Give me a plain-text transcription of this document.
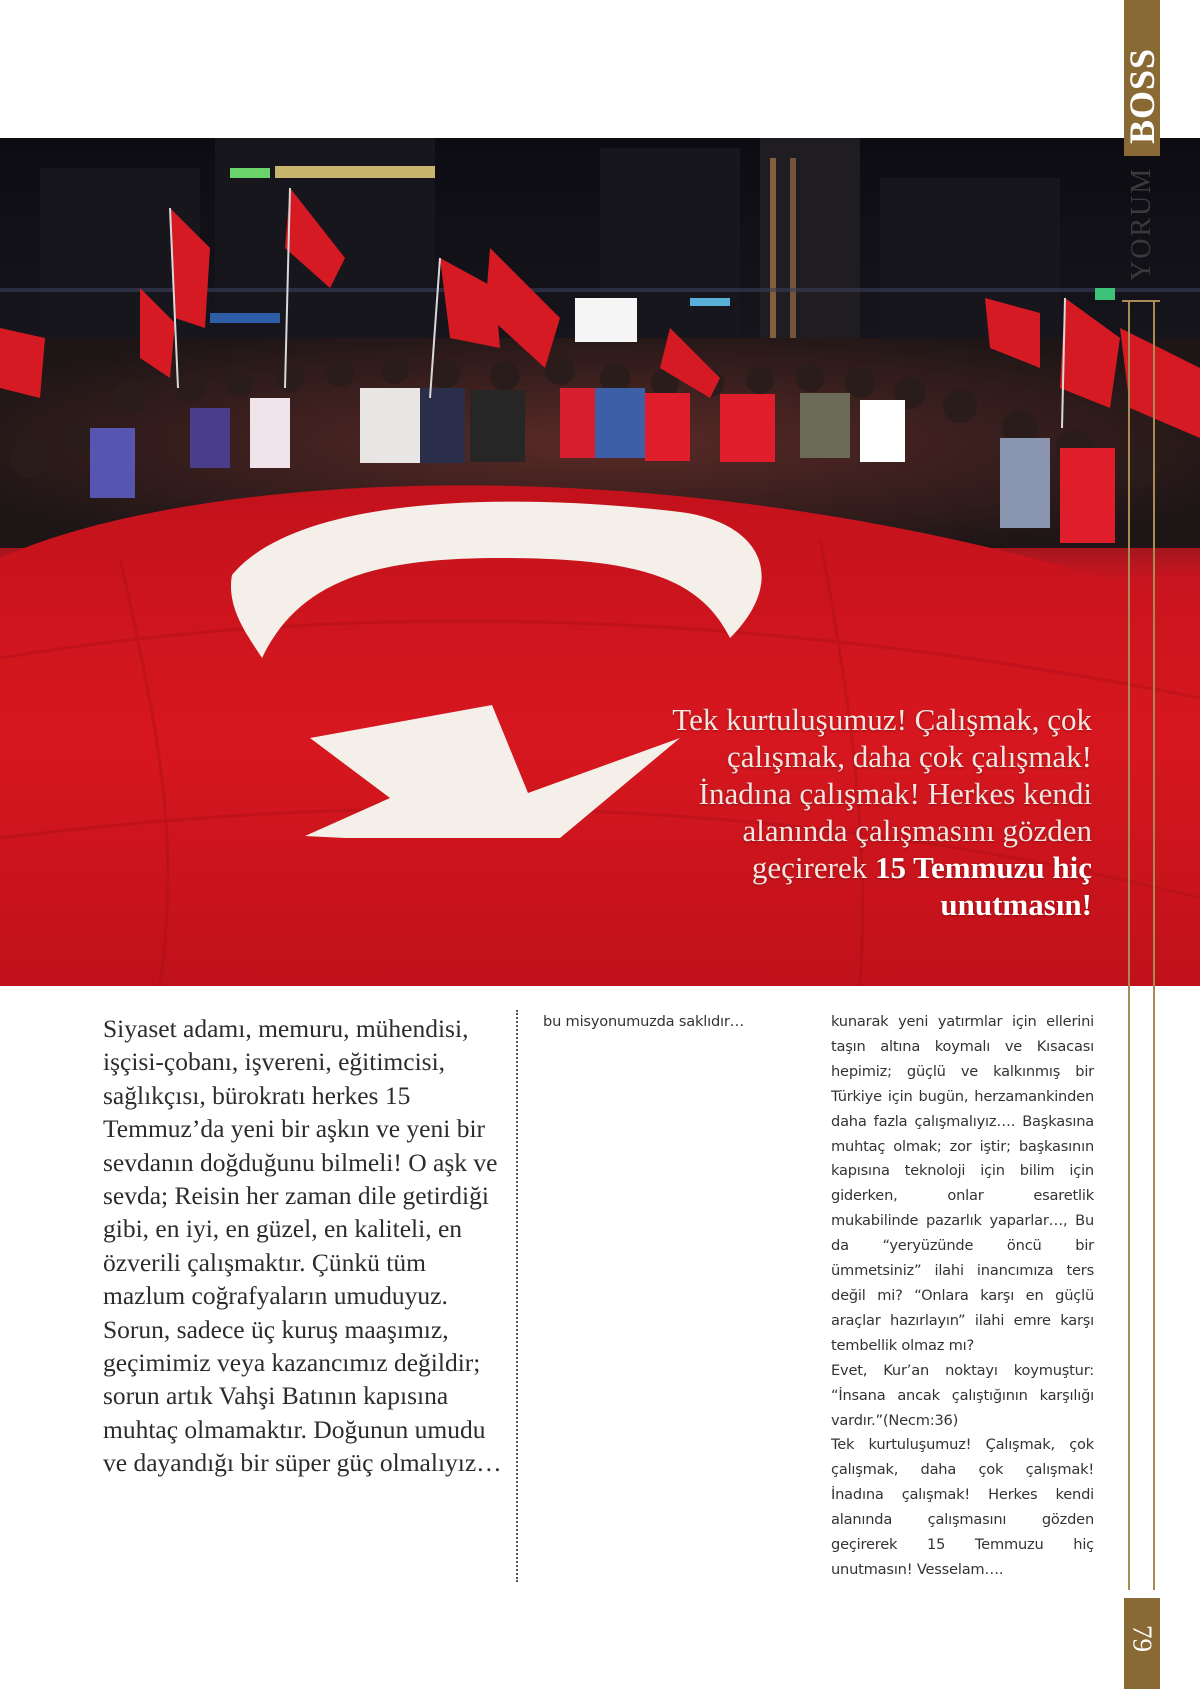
Tek kurtuluşumuz! Çalışmak, çok çalışmak, daha çok çalışmak! İnadına çalışmak! Herkes kendi alanında çalışmasını gözden geçirerek 15 Temmuzu hiç unutmasın!
BOSS
YORUM
79

Siyaset adamı, memuru, mühendisi, işçisi-çobanı, işvereni, eğitimcisi, sağlıkçısı, bürokratı herkes 15 Temmuz’da yeni bir aşkın ve yeni bir sevdanın doğduğunu bilmeli! O aşk ve sevda; Reisin her zaman dile getirdiği gibi, en iyi, en güzel, en kaliteli, en özverili çalışmaktır. Çünkü tüm mazlum coğrafyaların umuduyuz. Sorun, sadece üç kuruş maaşımız, geçimimiz veya kazancımız değildir; sorun artık Vahşi Batının kapısına muhtaç olmamaktır. Doğunun umudu ve dayandığı bir süper güç olmalıyız…

bu misyonumuzda saklıdır…	kunarak yeni yatırmlar için ellerini taşın altına koymalı ve Kısacası hepimiz; güçlü ve kalkınmış bir Türkiye için bugün, herzamankinden daha fazla çalışmalıyız…. Başkasına muhtaç olmak; zor iştir; başkasının kapısına teknoloji için bilim için giderken, onlar esaretlik mukabilinde pazarlık yaparlar…, Bu da “yeryüzünde öncü bir ümmetsiniz” ilahi inancımıza ters değil mi? “Onlara karşı en güçlü araçlar hazırlayın” ilahi emre karşı tembellik olmaz mı?

Evet, Kur’an noktayı koymuştur: “İnsana ancak çalıştığının karşılığı vardır.”(Necm:36)

Tek kurtuluşumuz! Çalışmak, çok çalışmak, daha çok çalışmak! İnadına çalışmak! Herkes kendi alanında çalışmasını gözden geçirerek 15 Temmuzu hiç unutmasın! Vesselam….
